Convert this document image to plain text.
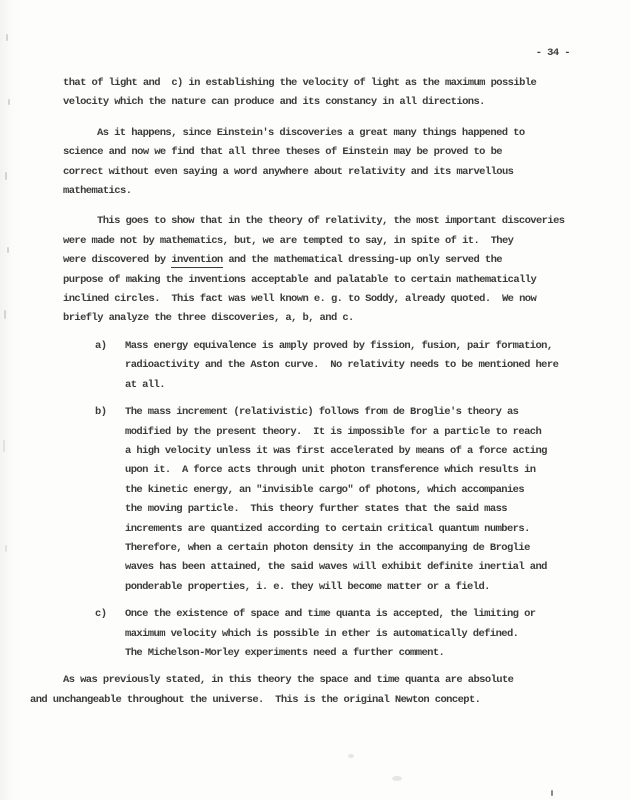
- 34 -
that of light and  c) in establishing the velocity of light as the maximum possible
velocity which the nature can produce and its constancy in all directions.
As it happens, since Einstein's discoveries a great many things happened to
science and now we find that all three theses of Einstein may be proved to be
correct without even saying a word anywhere about relativity and its marvellous
mathematics.
This goes to show that in the theory of relativity, the most important discoveries
were made not by mathematics, but, we are tempted to say, in spite of it.  They
were discovered by invention and the mathematical dressing-up only served the
purpose of making the inventions acceptable and palatable to certain mathematically
inclined circles.  This fact was well known e. g. to Soddy, already quoted.  We now
briefly analyze the three discoveries, a, b, and c.
a)	Mass energy equivalence is amply proved by fission, fusion, pair formation,
radioactivity and the Aston curve.  No relativity needs to be mentioned here
at all.
b)	The mass increment (relativistic) follows from de Broglie's theory as
modified by the present theory.  It is impossible for a particle to reach
a high velocity unless it was first accelerated by means of a force acting
upon it.  A force acts through unit photon transference which results in
the kinetic energy, an "invisible cargo" of photons, which accompanies
the moving particle.  This theory further states that the said mass
increments are quantized according to certain critical quantum numbers.
Therefore, when a certain photon density in the accompanying de Broglie
waves has been attained, the said waves will exhibit definite inertial and
ponderable properties, i. e. they will become matter or a field.
c)	Once the existence of space and time quanta is accepted, the limiting or
maximum velocity which is possible in ether is automatically defined.
The Michelson-Morley experiments need a further comment.
As was previously stated, in this theory the space and time quanta are absolute
and unchangeable throughout the universe.  This is the original Newton concept.
